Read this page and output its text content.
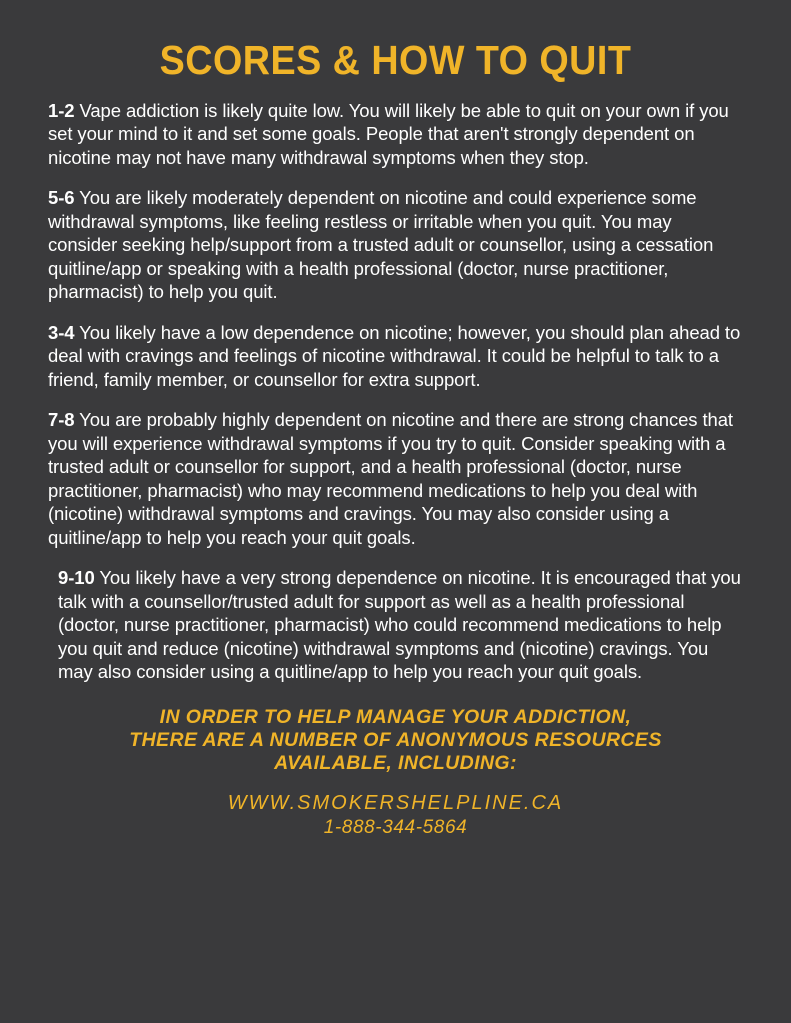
SCORES & HOW TO QUIT
1-2 Vape addiction is likely quite low. You will likely be able to quit on your own if you set your mind to it and set some goals. People that aren't strongly dependent on nicotine may not have many withdrawal symptoms when they stop.
5-6 You are likely moderately dependent on nicotine and could experience some withdrawal symptoms, like feeling restless or irritable when you quit. You may consider seeking help/support from a trusted adult or counsellor, using a cessation quitline/app or speaking with a health professional (doctor, nurse practitioner, pharmacist) to help you quit.
3-4 You likely have a low dependence on nicotine; however, you should plan ahead to deal with cravings and feelings of nicotine withdrawal. It could be helpful to talk to a friend, family member, or counsellor for extra support.
7-8 You are probably highly dependent on nicotine and there are strong chances that you will experience withdrawal symptoms if you try to quit. Consider speaking with a trusted adult or counsellor for support, and a health professional (doctor, nurse practitioner, pharmacist) who may recommend medications to help you deal with (nicotine) withdrawal symptoms and cravings. You may also consider using a quitline/app to help you reach your quit goals.
9-10 You likely have a very strong dependence on nicotine. It is encouraged that you talk with a counsellor/trusted adult for support as well as a health professional (doctor, nurse practitioner, pharmacist) who could recommend medications to help you quit and reduce (nicotine) withdrawal symptoms and (nicotine) cravings. You may also consider using a quitline/app to help you reach your quit goals.
IN ORDER TO HELP MANAGE YOUR ADDICTION,
THERE ARE A NUMBER OF ANONYMOUS RESOURCES
AVAILABLE, INCLUDING:
WWW.SMOKERSHELPLINE.CA
1-888-344-5864
